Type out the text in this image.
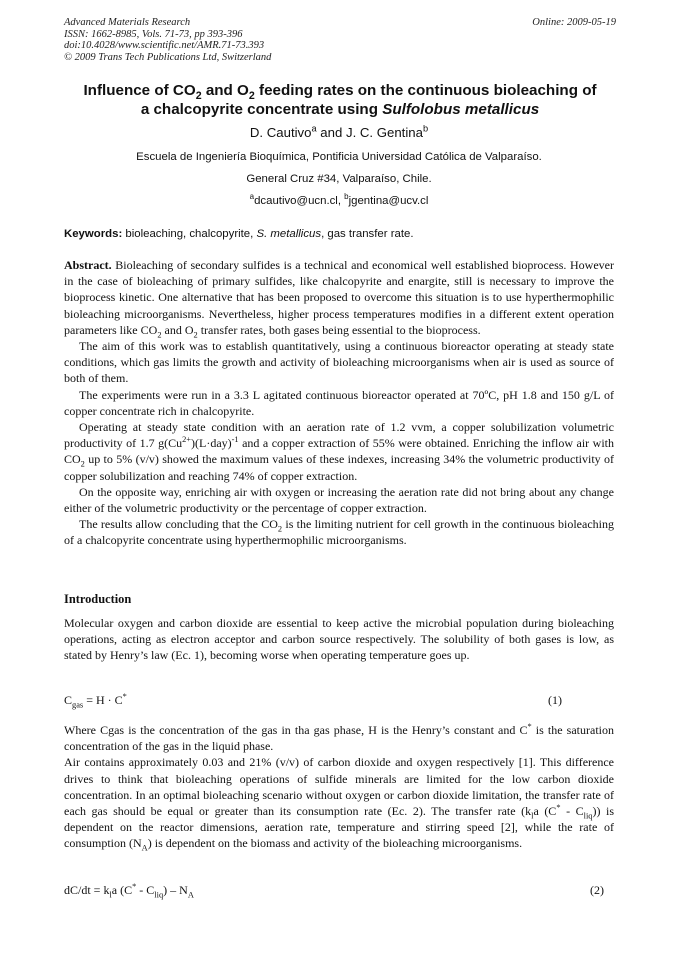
Advanced Materials Research
ISSN: 1662-8985, Vols. 71-73, pp 393-396
doi:10.4028/www.scientific.net/AMR.71-73.393
© 2009 Trans Tech Publications Ltd, Switzerland
Online: 2009-05-19
Influence of $CO_2$ and $O_2$ feeding rates on the continuous bioleaching of
a chalcopyrite concentrate using Sulfolobus metallicus
D. Cautivo$^a$ and J. C. Gentina$^b$
Escuela de Ingeniería Bioquímica, Pontificia Universidad Católica de Valparaíso.
General Cruz #34, Valparaíso, Chile.
$^a$dcautivo@ucn.cl, $^b$jgentina@ucv.cl
Keywords: bioleaching, chalcopyrite, S. metallicus, gas transfer rate.

Abstract. Bioleaching of secondary sulfides is a technical and economical well established bioprocess. However in the case of bioleaching of primary sulfides, like chalcopyrite and enargite, still is necessary to improve the bioprocess kinetic. One alternative that has been proposed to overcome this situation is to use hyperthermophilic bioleaching microorganisms. Nevertheless, higher process temperatures modifies in a different extent operation parameters like $CO_2$ and $O_2$ transfer rates, both gases being essential to the bioprocess.

The aim of this work was to establish quantitatively, using a continuous bioreactor operating at steady state conditions, which gas limits the growth and activity of bioleaching microorganisms when air is used as source of both of them.

The experiments were run in a 3.3 L agitated continuous bioreactor operated at 70ºC, pH 1.8 and 150 g/L of copper concentrate rich in chalcopyrite.

Operating at steady state condition with an aeration rate of 1.2 vvm, a copper solubilization volumetric productivity of 1.7 $g(Cu^{2+})(L\cdot day)^{-1}$ and a copper extraction of 55% were obtained. Enriching the inflow air with $CO_2$ up to 5% (v/v) showed the maximum values of these indexes, increasing 34% the volumetric productivity of copper solubilization and reaching 74% of copper extraction.

On the opposite way, enriching air with oxygen or increasing the aeration rate did not bring about any change either of the volumetric productivity or the percentage of copper extraction.

The results allow concluding that the $CO_2$ is the limiting nutrient for cell growth in the continuous bioleaching of a chalcopyrite concentrate using hyperthermophilic microorganisms.

Introduction
Molecular oxygen and carbon dioxide are essential to keep active the microbial population during bioleaching operations, acting as electron acceptor and carbon source respectively. The solubility of both gases is low, as stated by Henry’s law (Ec. 1), becoming worse when operating temperature goes up.
$C_{gas} = H \cdot C^*$	(1)

Where Cgas is the concentration of the gas in tha gas phase, H is the Henry’s constant and C* is the saturation concentration of the gas in the liquid phase.

Air contains approximately 0.03 and 21% (v/v) of carbon dioxide and oxygen respectively [1]. This difference drives to think that bioleaching operations of sulfide minerals are limited for the low carbon dioxide concentration. In an optimal bioleaching scenario without oxygen or carbon dioxide limitation, the transfer rate of each gas should be equal or greater than its consumption rate (Ec. 2). The transfer rate ($k_la$ $(C^* - C_{liq})$) is dependent on the reactor dimensions, aeration rate, temperature and stirring speed [2], while the rate of consumption $(N_A)$ is dependent on the biomass and activity of the bioleaching microorganisms.

$dC/dt = k_la$ $(C^* - C_{liq}) - N_A$	(2)
